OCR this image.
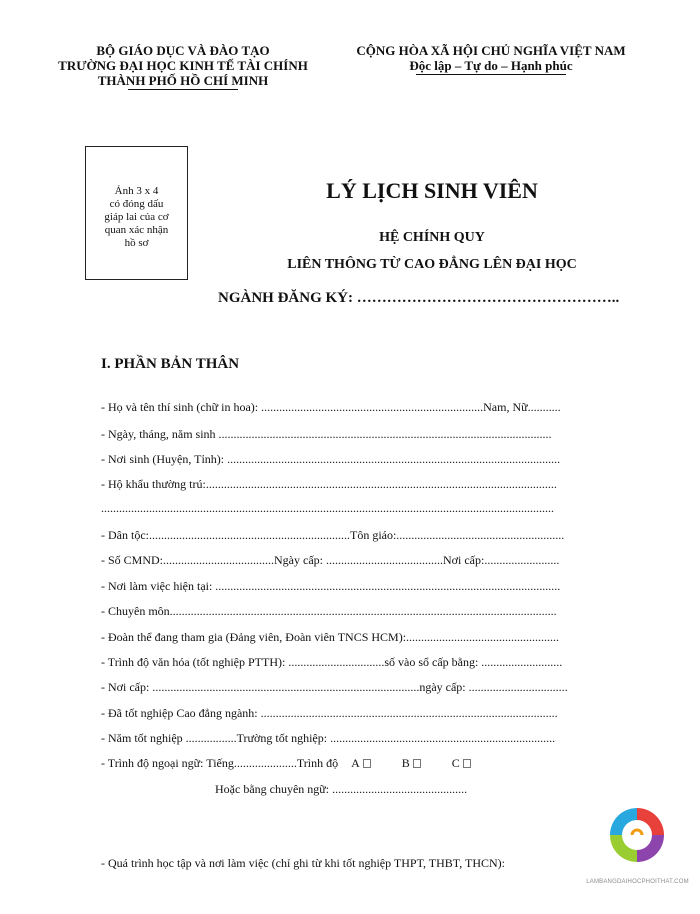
BỘ GIÁO DỤC VÀ ĐÀO TẠO
TRƯỜNG ĐẠI HỌC KINH TẾ TÀI CHÍNH
THÀNH PHỐ HỒ CHÍ MINH
CỘNG HÒA XÃ HỘI CHỦ NGHĨA VIỆT NAM
Độc lập – Tự do – Hạnh phúc
Ảnh 3 x 4
có đóng dấu
giáp lai của cơ
quan xác nhận
hồ sơ
LÝ LỊCH SINH VIÊN
HỆ CHÍNH QUY
LIÊN THÔNG TỪ CAO ĐẲNG LÊN ĐẠI HỌC
NGÀNH ĐĂNG KÝ: ……………………………………………..
I. PHẦN BẢN THÂN
- Họ và tên thí sinh (chữ in hoa): ..........................................................................Nam, Nữ...........
- Ngày, tháng, năm sinh ...............................................................................................................
- Nơi sinh (Huyện, Tỉnh): ...............................................................................................................
- Hộ khẩu thường trú:.....................................................................................................................
.......................................................................................................................................................
- Dân tộc:...................................................................Tôn giáo:........................................................
- Số CMND:.....................................Ngày cấp: .......................................Nơi cấp:.........................
- Nơi làm việc hiện tại: ...................................................................................................................
- Chuyên môn.................................................................................................................................
- Đoàn thể đang tham gia (Đảng viên, Đoàn viên TNCS HCM):...................................................
- Trình độ văn hóa (tốt nghiệp PTTH): ................................số vào sổ cấp bằng: ...........................
- Nơi cấp: .........................................................................................ngày cấp: .................................
- Đã tốt nghiệp Cao đẳng ngành: ...................................................................................................
- Năm tốt nghiệp .................Trường tốt nghiệp: ...........................................................................
- Trình độ ngoại ngữ: Tiếng.....................Trình độ A	B	C
Hoặc bằng chuyên ngữ: .............................................
- Quá trình học tập và nơi làm việc (chỉ ghi từ khi tốt nghiệp THPT, THBT, THCN):
LAMBANGDAIHOCPHOITHAT.COM
